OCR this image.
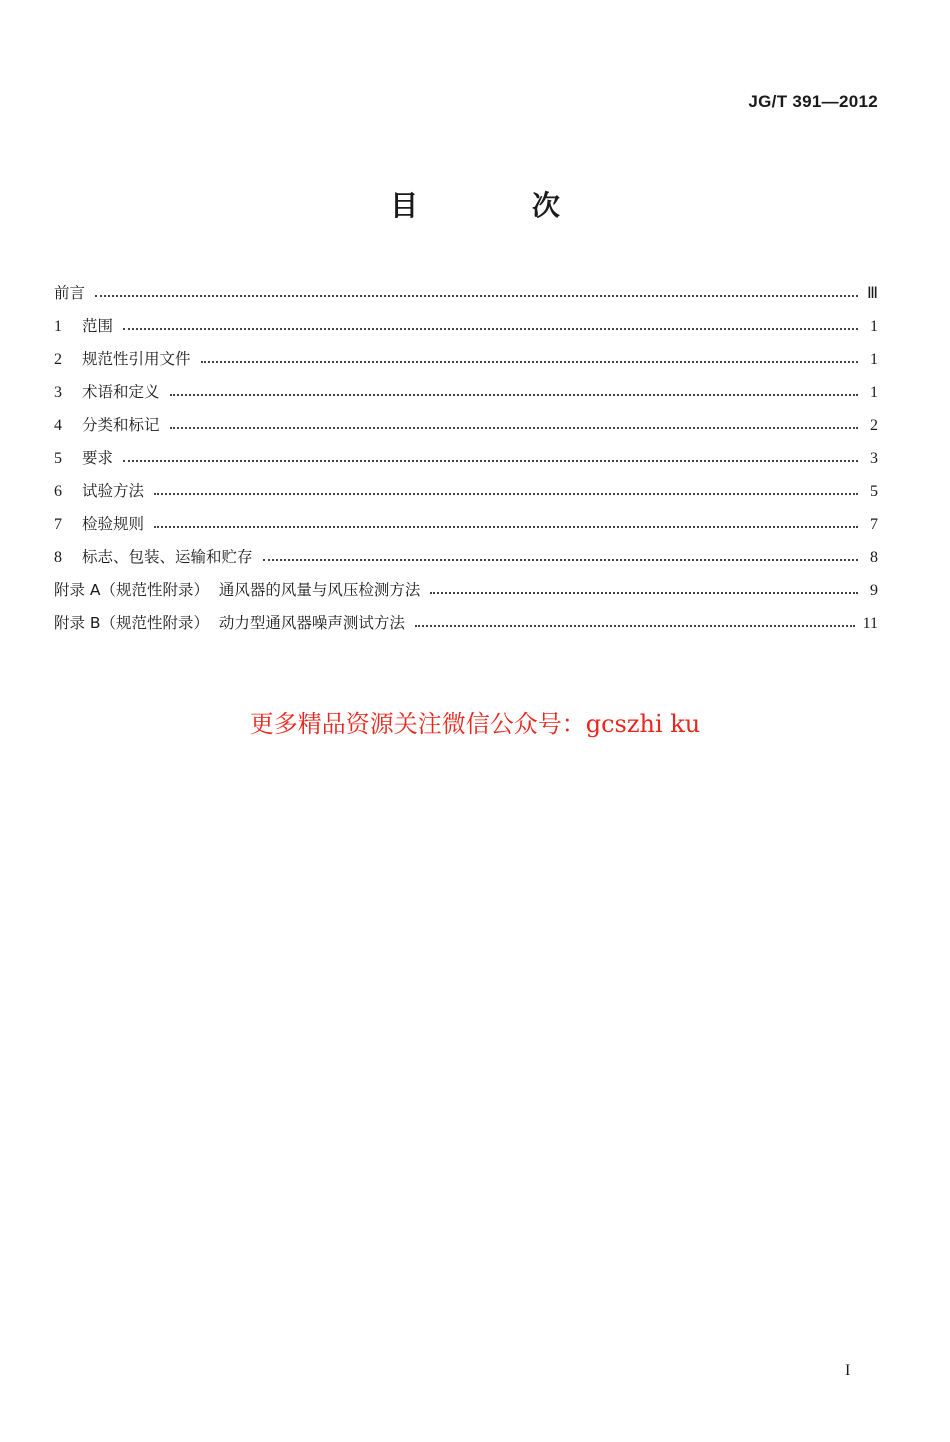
JG/T 391—2012
目 次
前言	Ⅲ
1	范围	1
2	规范性引用文件	1
3	术语和定义	1
4	分类和标记	2
5	要求	3
6	试验方法	5
7	检验规则	7
8	标志、包装、运输和贮存	8
附录 A（规范性附录）  通风器的风量与风压检测方法	9
附录 B（规范性附录）  动力型通风器噪声测试方法	11
更多精品资源关注微信公众号：gcszhi ku
I
